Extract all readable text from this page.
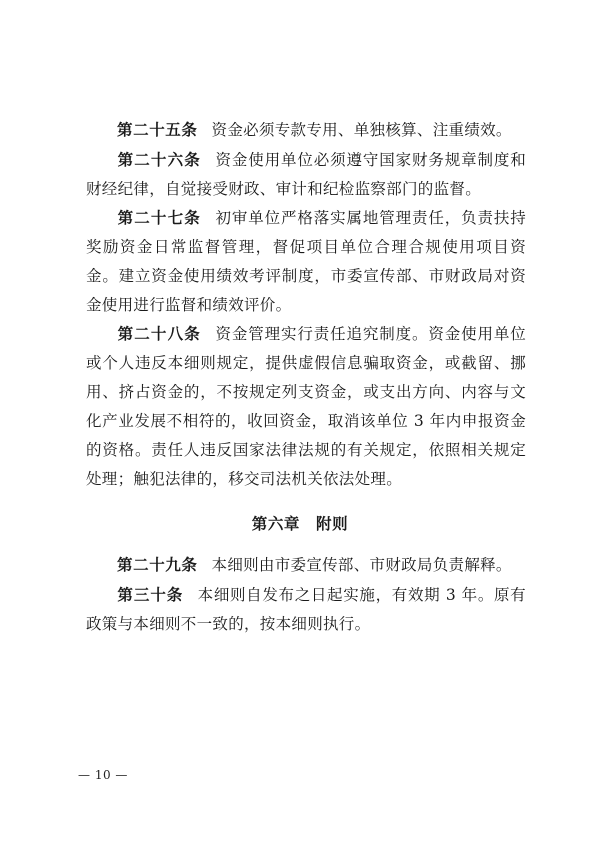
第二十五条 资金必须专款专用、单独核算、注重绩效。

第二十六条 资金使用单位必须遵守国家财务规章制度和财经纪律，自觉接受财政、审计和纪检监察部门的监督。

第二十七条 初审单位严格落实属地管理责任，负责扶持奖励资金日常监督管理，督促项目单位合理合规使用项目资金。建立资金使用绩效考评制度，市委宣传部、市财政局对资金使用进行监督和绩效评价。

第二十八条 资金管理实行责任追究制度。资金使用单位或个人违反本细则规定，提供虚假信息骗取资金，或截留、挪用、挤占资金的，不按规定列支资金，或支出方向、内容与文化产业发展不相符的，收回资金，取消该单位 3 年内申报资金的资格。责任人违反国家法律法规的有关规定，依照相关规定处理；触犯法律的，移交司法机关依法处理。

第六章 附则

第二十九条 本细则由市委宣传部、市财政局负责解释。

第三十条 本细则自发布之日起实施，有效期 3 年。原有政策与本细则不一致的，按本细则执行。

— 10 —
